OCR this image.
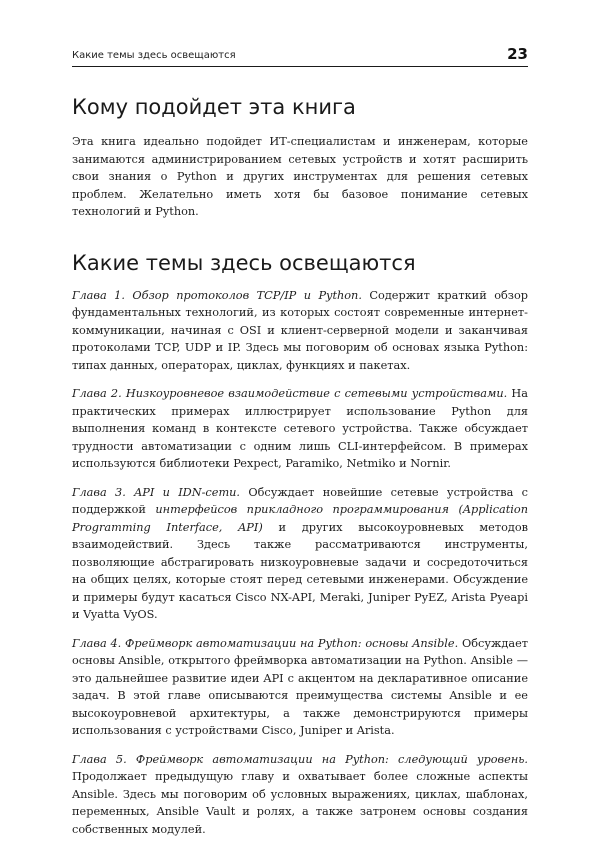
Какие темы здесь освещаются	23
Кому подойдет эта книга

Эта книга идеально подойдет ИТ-специалистам и инженерам, которые занимаются администрированием сетевых устройств и хотят расширить свои знания о Python и других инструментах для решения сетевых проблем. Желательно иметь хотя бы базовое понимание сетевых технологий и Python.

Какие темы здесь освещаются

Глава 1. Обзор протоколов TCP/IP и Python. Содержит краткий обзор фундаментальных технологий, из которых состоят современные интернет-коммуникации, начиная с OSI и клиент-серверной модели и заканчивая протоколами TCP, UDP и IP. Здесь мы поговорим об основах языка Python: типах данных, операторах, циклах, функциях и пакетах.

Глава 2. Низкоуровневое взаимодействие с сетевыми устройствами. На практических примерах иллюстрирует использование Python для выполнения команд в контексте сетевого устройства. Также обсуждает трудности автоматизации с одним лишь CLI-интерфейсом. В примерах используются библиотеки Pexpect, Paramiko, Netmiko и Nornir.

Глава 3. API и IDN-сети. Обсуждает новейшие сетевые устройства с поддержкой интерфейсов прикладного программирования (Application Programming Interface, API) и других высокоуровневых методов взаимодействий. Здесь также рассматриваются инструменты, позволяющие абстрагировать низкоуровневые задачи и сосредоточиться на общих целях, которые стоят перед сетевыми инженерами. Обсуждение и примеры будут касаться Cisco NX-API, Meraki, Juniper PyEZ, Arista Pyeapi и Vyatta VyOS.

Глава 4. Фреймворк автоматизации на Python: основы Ansible. Обсуждает основы Ansible, открытого фреймворка автоматизации на Python. Ansible — это дальнейшее развитие идеи API с акцентом на декларативное описание задач. В этой главе описываются преимущества системы Ansible и ее высокоуровневой архитектуры, а также демонстрируются примеры использования с устройствами Cisco, Juniper и Arista.

Глава 5. Фреймворк автоматизации на Python: следующий уровень. Продолжает предыдущую главу и охватывает более сложные аспекты Ansible. Здесь мы поговорим об условных выражениях, циклах, шаблонах, переменных, Ansible Vault и ролях, а также затронем основы создания собственных модулей.
